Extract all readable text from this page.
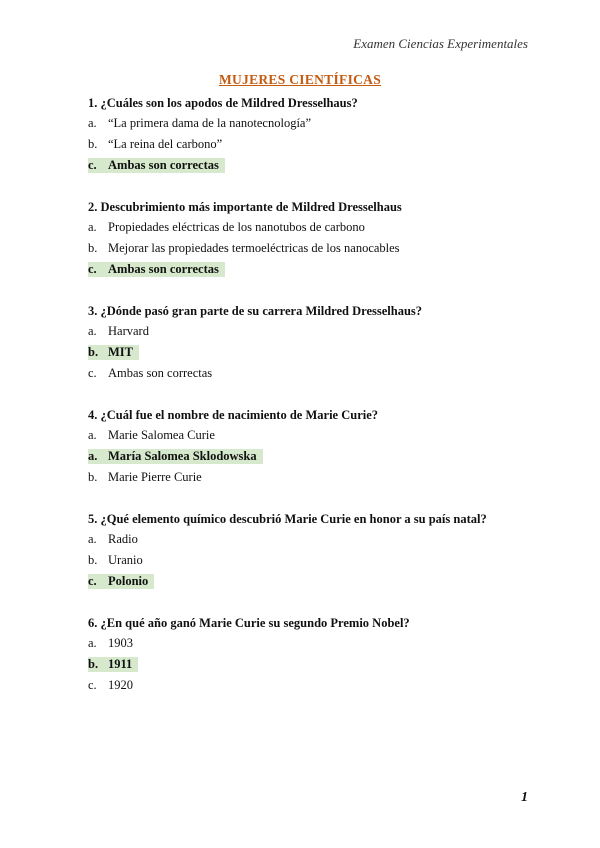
Examen Ciencias Experimentales
MUJERES CIENTÍFICAS
1. ¿Cuáles son los apodos de Mildred Dresselhaus?
a. “La primera dama de la nanotecnología”
b. “La reina del carbono”
c. Ambas son correctas
2. Descubrimiento más importante de Mildred Dresselhaus
a. Propiedades eléctricas de los nanotubos de carbono
b. Mejorar las propiedades termoeléctricas de los nanocables
c. Ambas son correctas
3. ¿Dónde pasó gran parte de su carrera Mildred Dresselhaus?
a. Harvard
b. MIT
c. Ambas son correctas
4. ¿Cuál fue el nombre de nacimiento de Marie Curie?
a. Marie Salomea Curie
a. María Salomea Sklodowska
b. Marie Pierre Curie
5. ¿Qué elemento químico descubrió Marie Curie en honor a su país natal?
a. Radio
b. Uranio
c. Polonio
6. ¿En qué año ganó Marie Curie su segundo Premio Nobel?
a. 1903
b. 1911
c. 1920
1
